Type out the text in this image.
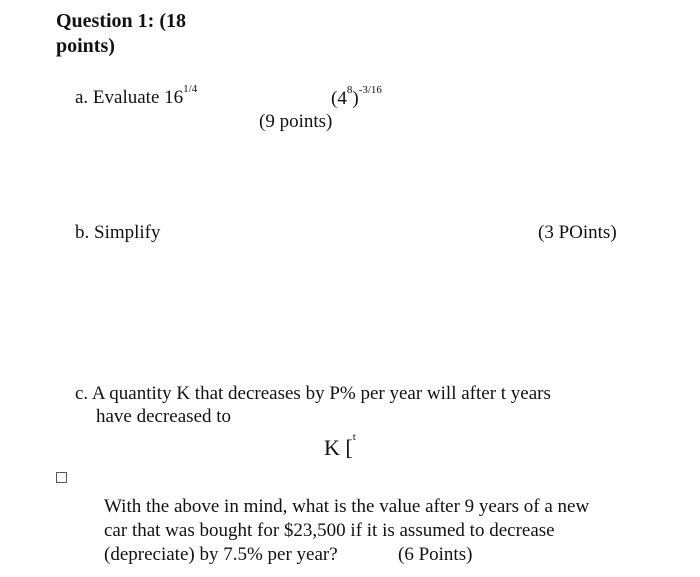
Question 1: (18
points)
a. Evaluate $16^{1/4}$	$(4^8)^{-3/16}$
(9 points)
b. Simplify	(3 POints)
c. A quantity K that decreases by P% per year will after t years
have decreased to
K [$^t$
With the above in mind, what is the value after 9 years of a new
car that was bought for $23,500 if it is assumed to decrease
(depreciate) by 7.5% per year?	(6 Points)
